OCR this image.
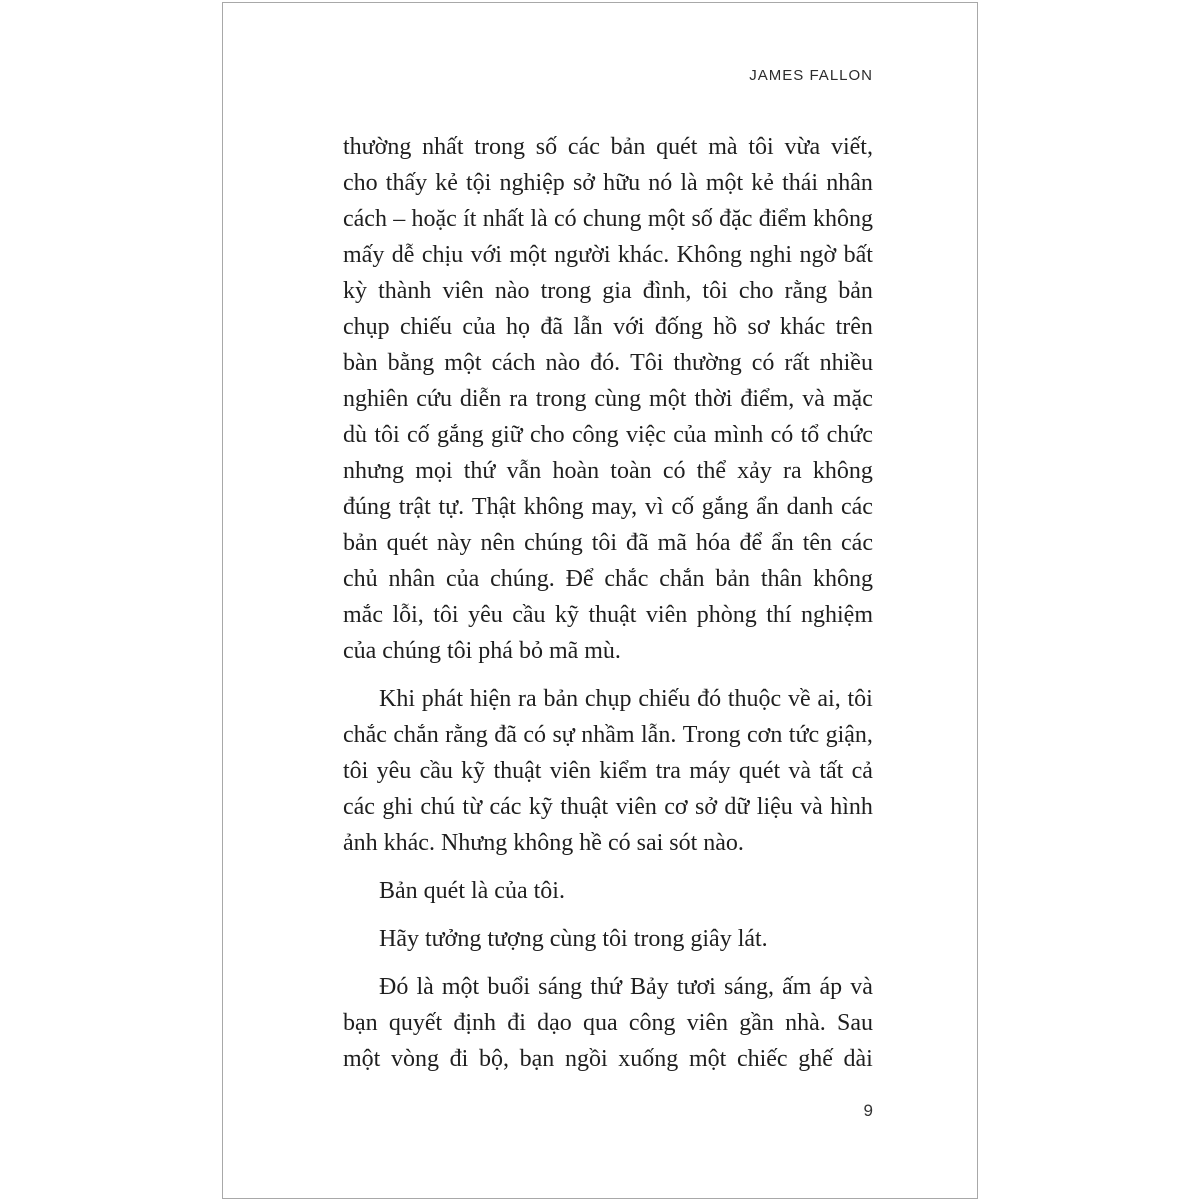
JAMES FALLON
thường nhất trong số các bản quét mà tôi vừa viết,
cho thấy kẻ tội nghiệp sở hữu nó là một kẻ thái nhân
cách – hoặc ít nhất là có chung một số đặc điểm không
mấy dễ chịu với một người khác. Không nghi ngờ bất
kỳ thành viên nào trong gia đình, tôi cho rằng bản
chụp chiếu của họ đã lẫn với đống hồ sơ khác trên
bàn bằng một cách nào đó. Tôi thường có rất nhiều
nghiên cứu diễn ra trong cùng một thời điểm, và mặc
dù tôi cố gắng giữ cho công việc của mình có tổ chức
nhưng mọi thứ vẫn hoàn toàn có thể xảy ra không
đúng trật tự. Thật không may, vì cố gắng ẩn danh các
bản quét này nên chúng tôi đã mã hóa để ẩn tên các
chủ nhân của chúng. Để chắc chắn bản thân không
mắc lỗi, tôi yêu cầu kỹ thuật viên phòng thí nghiệm
của chúng tôi phá bỏ mã mù.
Khi phát hiện ra bản chụp chiếu đó thuộc về ai, tôi
chắc chắn rằng đã có sự nhầm lẫn. Trong cơn tức giận,
tôi yêu cầu kỹ thuật viên kiểm tra máy quét và tất cả
các ghi chú từ các kỹ thuật viên cơ sở dữ liệu và hình
ảnh khác. Nhưng không hề có sai sót nào.
Bản quét là của tôi.
Hãy tưởng tượng cùng tôi trong giây lát.
Đó là một buổi sáng thứ Bảy tươi sáng, ấm áp và
bạn quyết định đi dạo qua công viên gần nhà. Sau
một vòng đi bộ, bạn ngồi xuống một chiếc ghế dài
9
